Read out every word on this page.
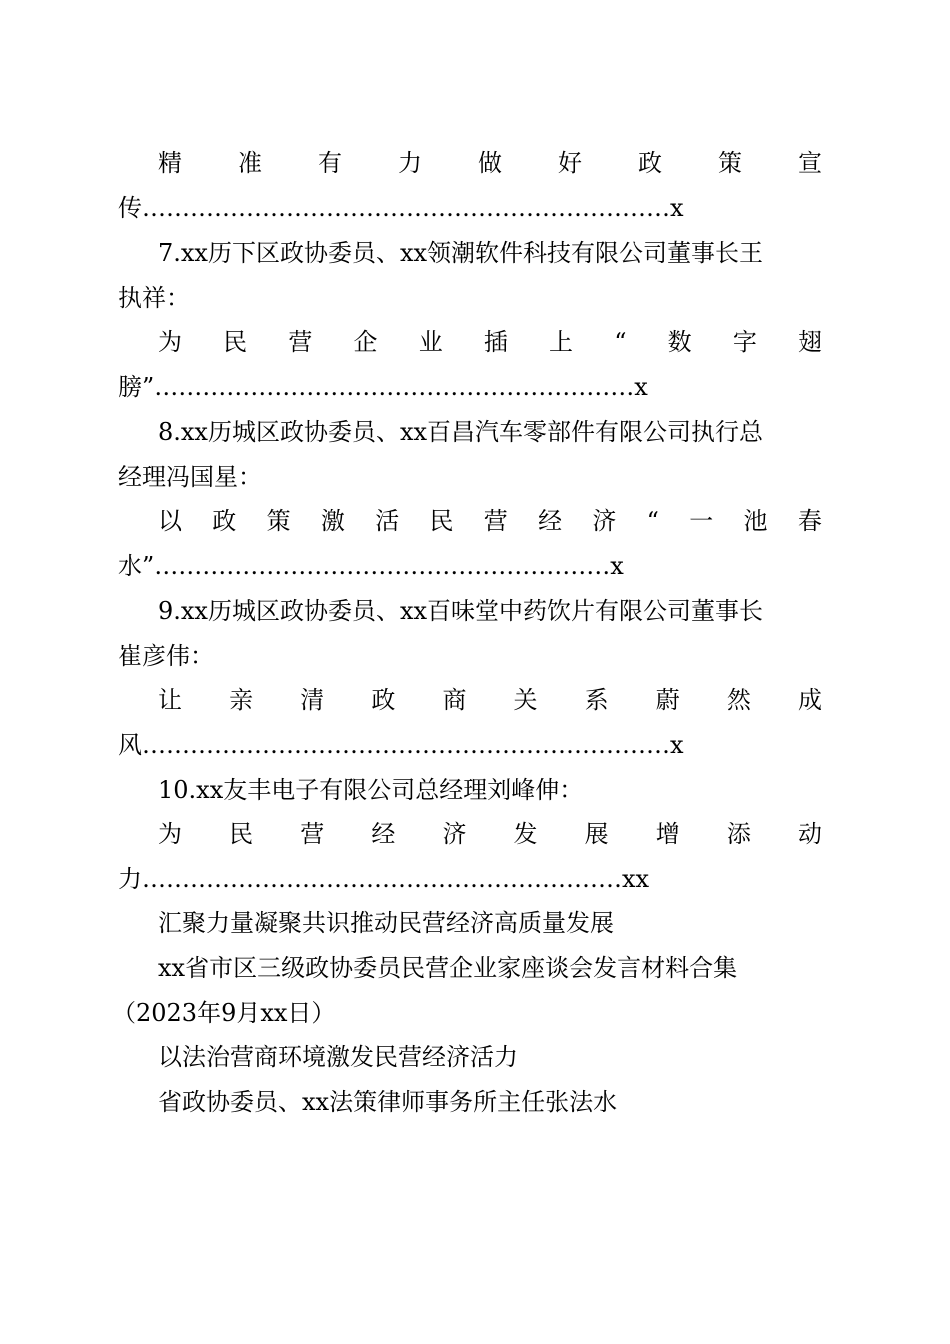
精 准 有 力 做 好 政 策 宣
传…………………………………………………………x
7.xx历下区政协委员、xx领潮软件科技有限公司董事长王
执祥：
为 民 营 企 业 插 上 “ 数 字 翅
膀”……………………………………………………x
8.xx历城区政协委员、xx百昌汽车零部件有限公司执行总
经理冯国星：
以 政 策 激 活 民 营 经 济 “ 一 池 春
水”…………………………………………………x
9.xx历城区政协委员、xx百味堂中药饮片有限公司董事长
崔彦伟：
让 亲 清 政 商 关 系 蔚 然 成
风…………………………………………………………x
10.xx友丰电子有限公司总经理刘峰伸：
为 民 营 经 济 发 展 增 添 动
力……………………………………………………xx
汇聚力量凝聚共识推动民营经济高质量发展
xx省市区三级政协委员民营企业家座谈会发言材料合集
（2023年9月xx日）
以法治营商环境激发民营经济活力
省政协委员、xx法策律师事务所主任张法水
